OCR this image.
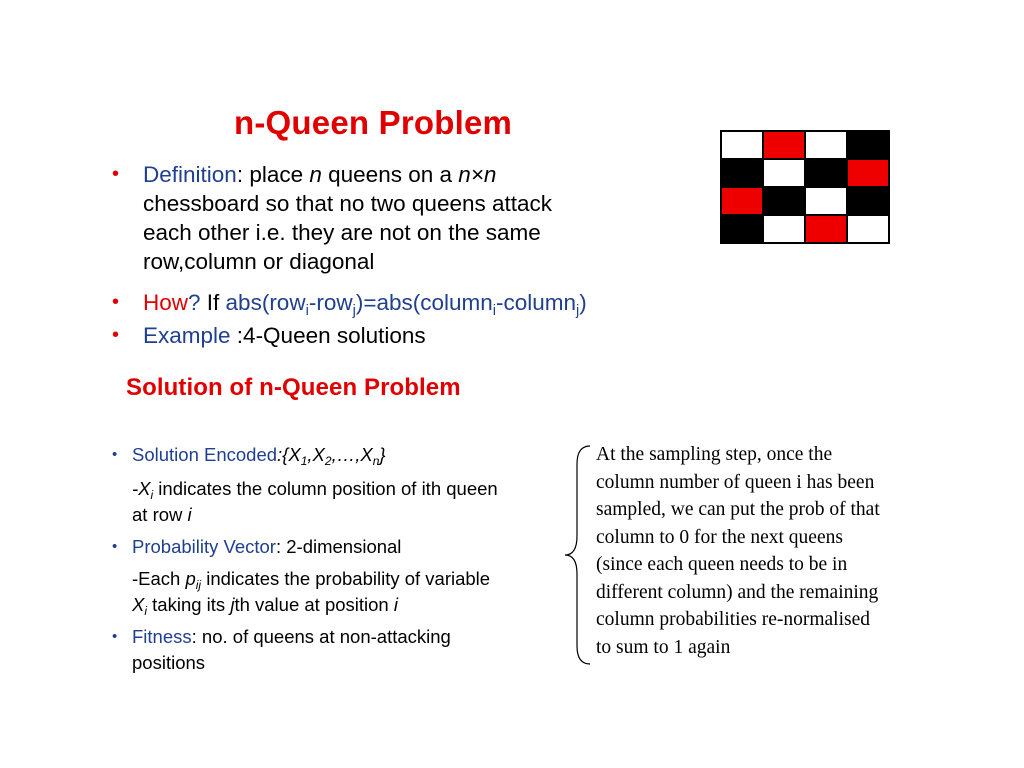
n-Queen Problem
• Definition: place n queens on a n×n
chessboard so that no two queens attack
each other i.e. they are not on the same
row,column or diagonal
• How? If abs(row$_i$-row$_j$)=abs(column$_i$-column$_j$)
• Example :4-Queen solutions
Solution of n-Queen Problem
• Solution $Encoded:\{X_1,X_2,\dots,X_n\}$
$-X_i$ indicates the column position of ith queen
at row i
• Probability Vector: 2-dimensional
-Each $p_{ij}$ indicates the probability of variable
$X_i$ taking its jth value at position i
• Fitness: no. of queens at non-attacking
positions
At the sampling step, once the
column number of queen i has been
sampled, we can put the prob of that
column to 0 for the next queens
(since each queen needs to be in
different column) and the remaining
column probabilities re-normalised
to sum to 1 again
